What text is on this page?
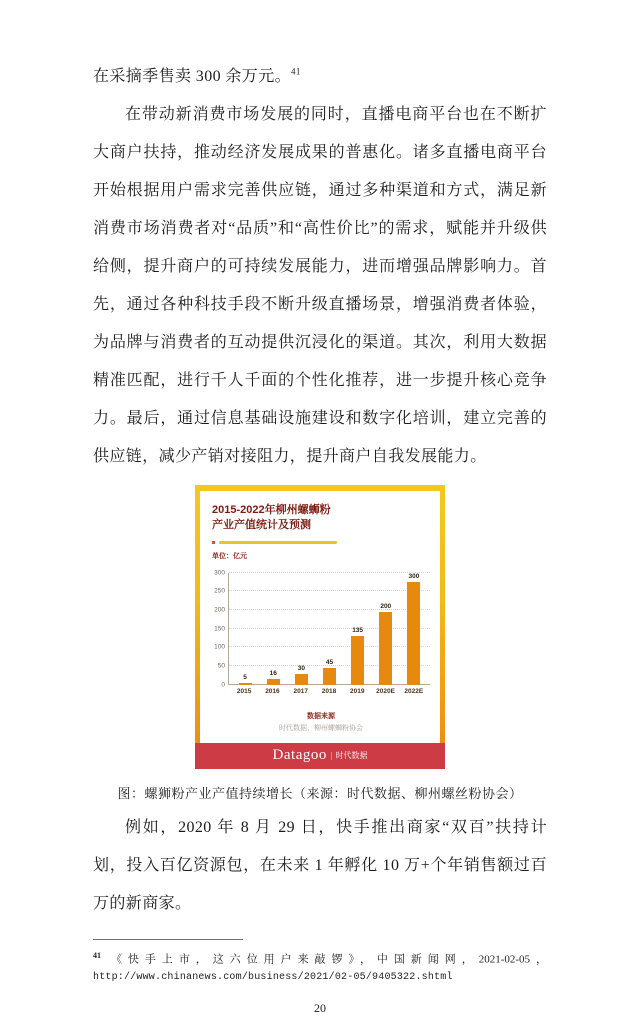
在采摘季售卖 300 余万元。$^{41}$

在带动新消费市场发展的同时，直播电商平台也在不断扩大商户扶持，推动经济发展成果的普惠化。诸多直播电商平台开始根据用户需求完善供应链，通过多种渠道和方式，满足新消费市场消费者对“品质”和“高性价比”的需求，赋能并升级供给侧，提升商户的可持续发展能力，进而增强品牌影响力。首先，通过各种科技手段不断升级直播场景，增强消费者体验，为品牌与消费者的互动提供沉浸化的渠道。其次，利用大数据精准匹配，进行千人千面的个性化推荐，进一步提升核心竞争力。最后，通过信息基础设施建设和数字化培训，建立完善的供应链，减少产销对接阻力，提升商户自我发展能力。

2015-2022年柳州螺蛳粉
产业产值统计及预测
单位：亿元
300
250
200
150
100
50
0
5
16
30
45
135
200
300
2015	2016	2017	2018	2019	2020E	2022E
数据来源
时代数据、柳州螺蛳粉协会
Datagoo | 时代数据
图：螺狮粉产业产值持续增长（来源：时代数据、柳州螺丝粉协会）

例如，2020 年 8 月 29 日，快手推出商家“双百”扶持计划，投入百亿资源包，在未来 1 年孵化 10 万+个年销售额过百万的新商家。

$^{41}$ 《快手上市，这六位用户来敲锣》，中国新闻网，2021-02-05，
http://www.chinanews.com/business/2021/02-05/9405322.shtml
20
